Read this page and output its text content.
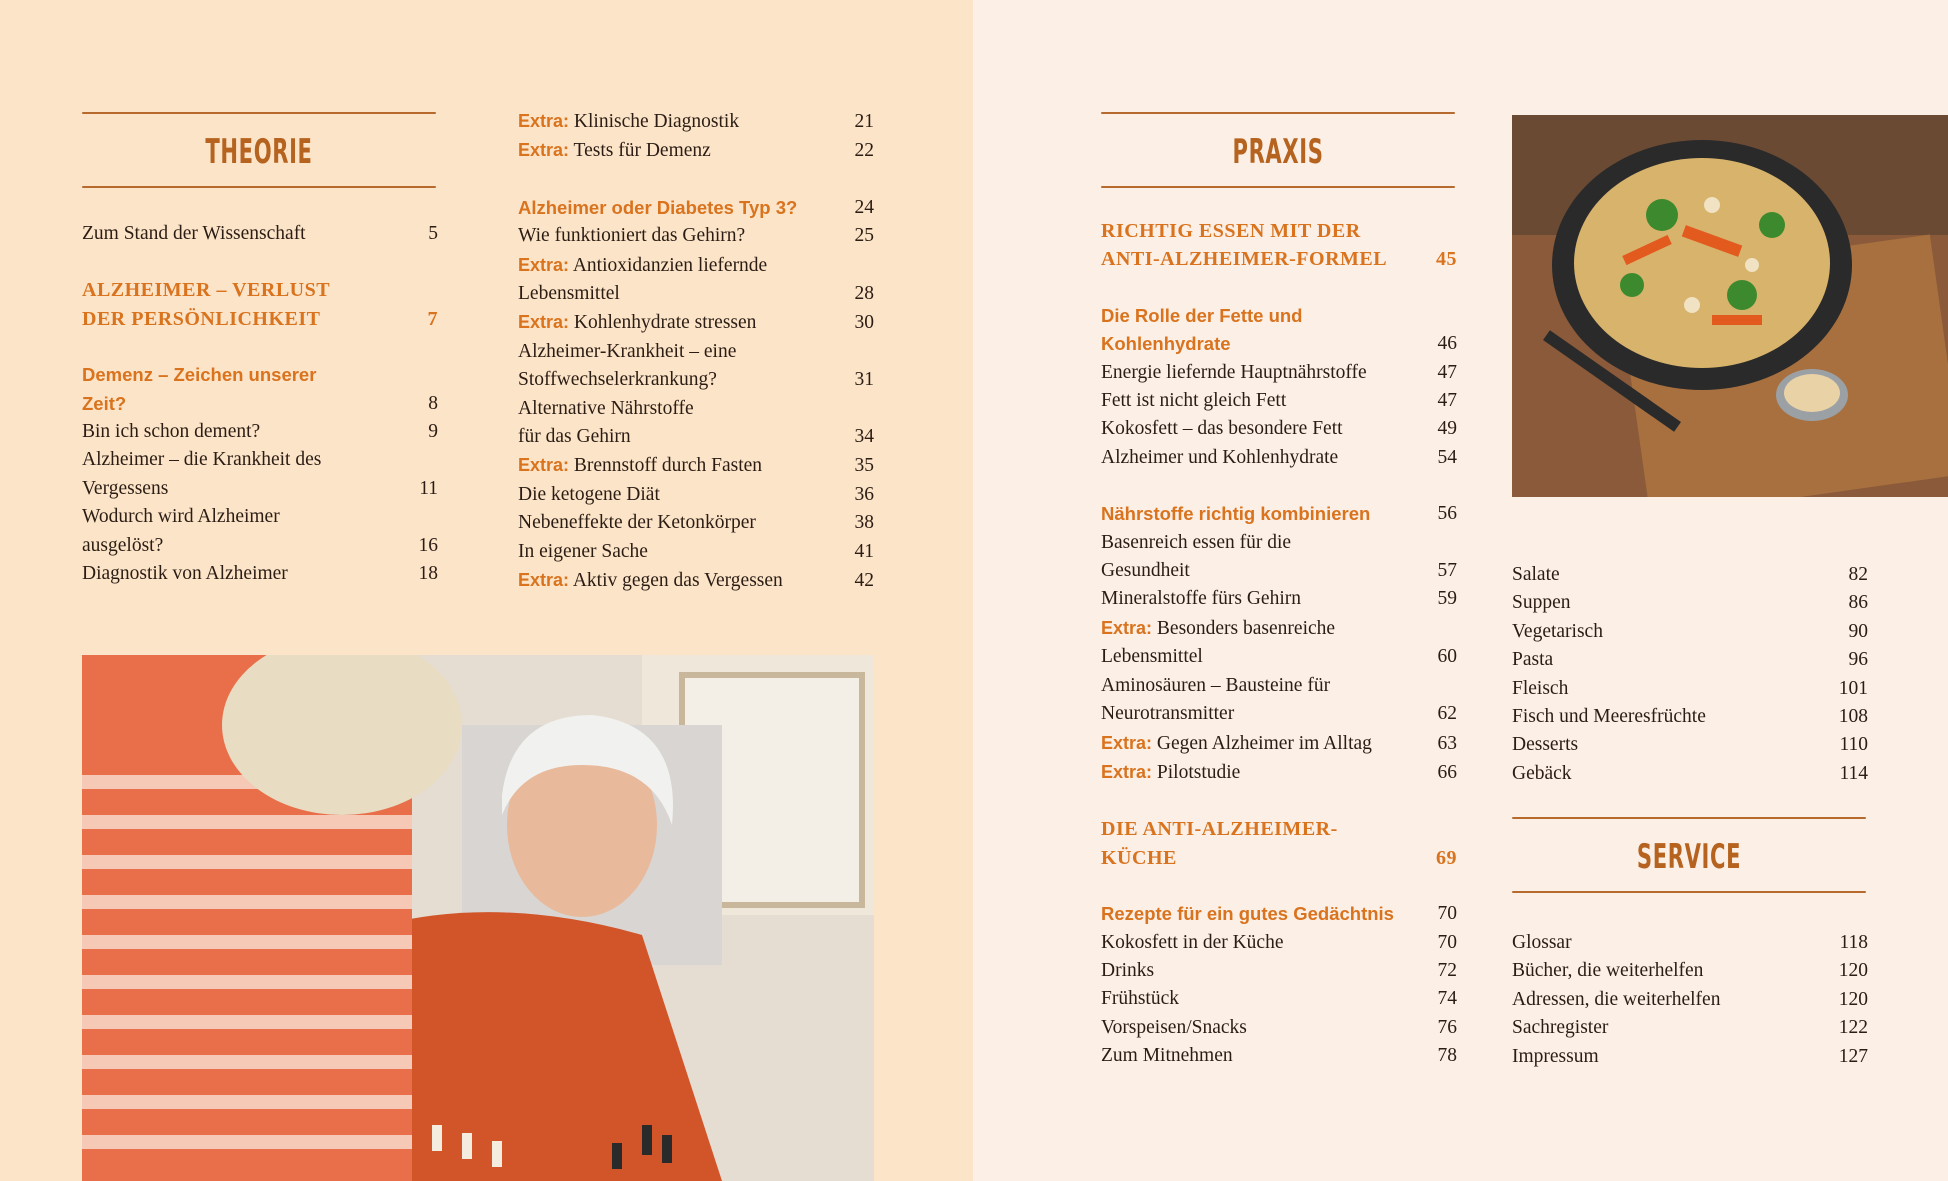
THEORIE
Zum Stand der Wissenschaft	5
ALZHEIMER – VERLUST
DER PERSÖNLICHKEIT	7
Demenz – Zeichen unserer
Zeit?	8
Bin ich schon dement?	9
Alzheimer – die Krankheit des
Vergessens	11
Wodurch wird Alzheimer
ausgelöst?	16
Diagnostik von Alzheimer	18
Extra: Klinische Diagnostik	21
Extra: Tests für Demenz	22
Alzheimer oder Diabetes Typ 3?	24
Wie funktioniert das Gehirn?	25
Extra: Antioxidanzien liefernde
Lebensmittel	28
Extra: Kohlenhydrate stressen	30
Alzheimer-Krankheit – eine
Stoffwechselerkrankung?	31
Alternative Nährstoffe
für das Gehirn	34
Extra: Brennstoff durch Fasten	35
Die ketogene Diät	36
Nebeneffekte der Ketonkörper	38
In eigener Sache	41
Extra: Aktiv gegen das Vergessen	42
PRAXIS
RICHTIG ESSEN MIT DER
ANTI-ALZHEIMER-FORMEL	45
Die Rolle der Fette und
Kohlenhydrate	46
Energie liefernde Hauptnährstoffe	47
Fett ist nicht gleich Fett	47
Kokosfett – das besondere Fett	49
Alzheimer und Kohlenhydrate	54
Nährstoffe richtig kombinieren	56
Basenreich essen für die
Gesundheit	57
Mineralstoffe fürs Gehirn	59
Extra: Besonders basenreiche
Lebensmittel	60
Aminosäuren – Bausteine für
Neurotransmitter	62
Extra: Gegen Alzheimer im Alltag	63
Extra: Pilotstudie	66
DIE ANTI-ALZHEIMER-
KÜCHE	69
Rezepte für ein gutes Gedächtnis	70
Kokosfett in der Küche	70
Drinks	72
Frühstück	74
Vorspeisen/Snacks	76
Zum Mitnehmen	78
Salate	82
Suppen	86
Vegetarisch	90
Pasta	96
Fleisch	101
Fisch und Meeresfrüchte	108
Desserts	110
Gebäck	114
SERVICE
Glossar	118
Bücher, die weiterhelfen	120
Adressen, die weiterhelfen	120
Sachregister	122
Impressum	127
